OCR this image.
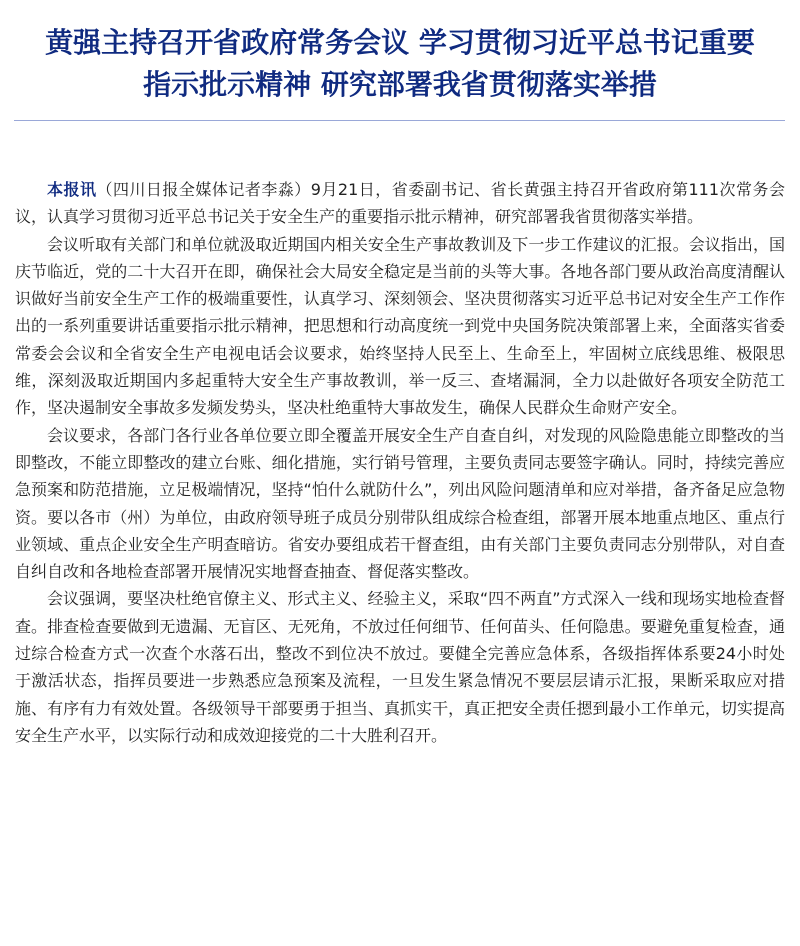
黄强主持召开省政府常务会议 学习贯彻习近平总书记重要
指示批示精神 研究部署我省贯彻落实举措

本报讯（四川日报全媒体记者李淼）9月21日，省委副书记、省长黄强主持召开省政府第111次常务会议，认真学习贯彻习近平总书记关于安全生产的重要指示批示精神，研究部署我省贯彻落实举措。

会议听取有关部门和单位就汲取近期国内相关安全生产事故教训及下一步工作建议的汇报。会议指出，国庆节临近，党的二十大召开在即，确保社会大局安全稳定是当前的头等大事。各地各部门要从政治高度清醒认识做好当前安全生产工作的极端重要性，认真学习、深刻领会、坚决贯彻落实习近平总书记对安全生产工作作出的一系列重要讲话重要指示批示精神，把思想和行动高度统一到党中央国务院决策部署上来，全面落实省委常委会会议和全省安全生产电视电话会议要求，始终坚持人民至上、生命至上，牢固树立底线思维、极限思维，深刻汲取近期国内多起重特大安全生产事故教训，举一反三、查堵漏洞，全力以赴做好各项安全防范工作，坚决遏制安全事故多发频发势头，坚决杜绝重特大事故发生，确保人民群众生命财产安全。

会议要求，各部门各行业各单位要立即全覆盖开展安全生产自查自纠，对发现的风险隐患能立即整改的当即整改，不能立即整改的建立台账、细化措施，实行销号管理，主要负责同志要签字确认。同时，持续完善应急预案和防范措施，立足极端情况，坚持“怕什么就防什么”，列出风险问题清单和应对举措，备齐备足应急物资。要以各市（州）为单位，由政府领导班子成员分别带队组成综合检查组，部署开展本地重点地区、重点行业领域、重点企业安全生产明查暗访。省安办要组成若干督查组，由有关部门主要负责同志分别带队，对自查自纠自改和各地检查部署开展情况实地督查抽查、督促落实整改。

会议强调，要坚决杜绝官僚主义、形式主义、经验主义，采取“四不两直”方式深入一线和现场实地检查督查。排查检查要做到无遗漏、无盲区、无死角，不放过任何细节、任何苗头、任何隐患。要避免重复检查，通过综合检查方式一次查个水落石出，整改不到位决不放过。要健全完善应急体系，各级指挥体系要24小时处于激活状态，指挥员要进一步熟悉应急预案及流程，一旦发生紧急情况不要层层请示汇报，果断采取应对措施、有序有力有效处置。各级领导干部要勇于担当、真抓实干，真正把安全责任摁到最小工作单元，切实提高安全生产水平，以实际行动和成效迎接党的二十大胜利召开。
